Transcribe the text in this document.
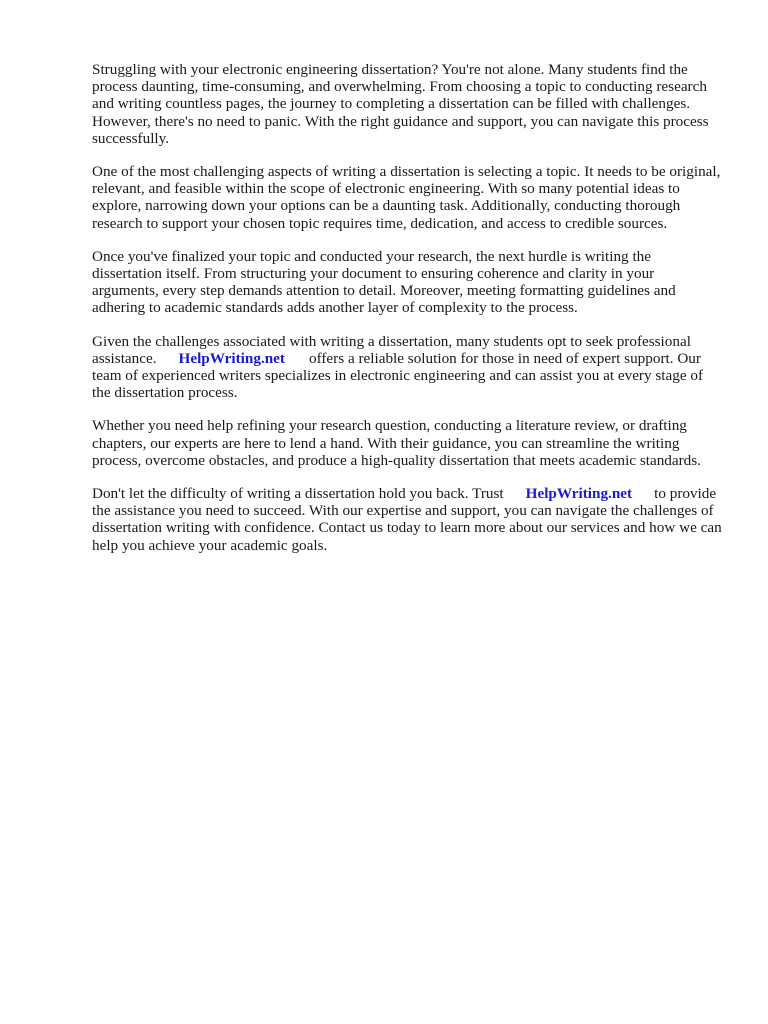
Struggling with your electronic engineering dissertation? You're not alone. Many students find the process daunting, time-consuming, and overwhelming. From choosing a topic to conducting research and writing countless pages, the journey to completing a dissertation can be filled with challenges. However, there's no need to panic. With the right guidance and support, you can navigate this process successfully.

One of the most challenging aspects of writing a dissertation is selecting a topic. It needs to be original, relevant, and feasible within the scope of electronic engineering. With so many potential ideas to explore, narrowing down your options can be a daunting task. Additionally, conducting thorough research to support your chosen topic requires time, dedication, and access to credible sources.

Once you've finalized your topic and conducted your research, the next hurdle is writing the dissertation itself. From structuring your document to ensuring coherence and clarity in your arguments, every step demands attention to detail. Moreover, meeting formatting guidelines and adhering to academic standards adds another layer of complexity to the process.

Given the challenges associated with writing a dissertation, many students opt to seek professional assistance. HelpWriting.net offers a reliable solution for those in need of expert support. Our team of experienced writers specializes in electronic engineering and can assist you at every stage of the dissertation process.

Whether you need help refining your research question, conducting a literature review, or drafting chapters, our experts are here to lend a hand. With their guidance, you can streamline the writing process, overcome obstacles, and produce a high-quality dissertation that meets academic standards.

Don't let the difficulty of writing a dissertation hold you back. Trust HelpWriting.net to provide the assistance you need to succeed. With our expertise and support, you can navigate the challenges of dissertation writing with confidence. Contact us today to learn more about our services and how we can help you achieve your academic goals.
